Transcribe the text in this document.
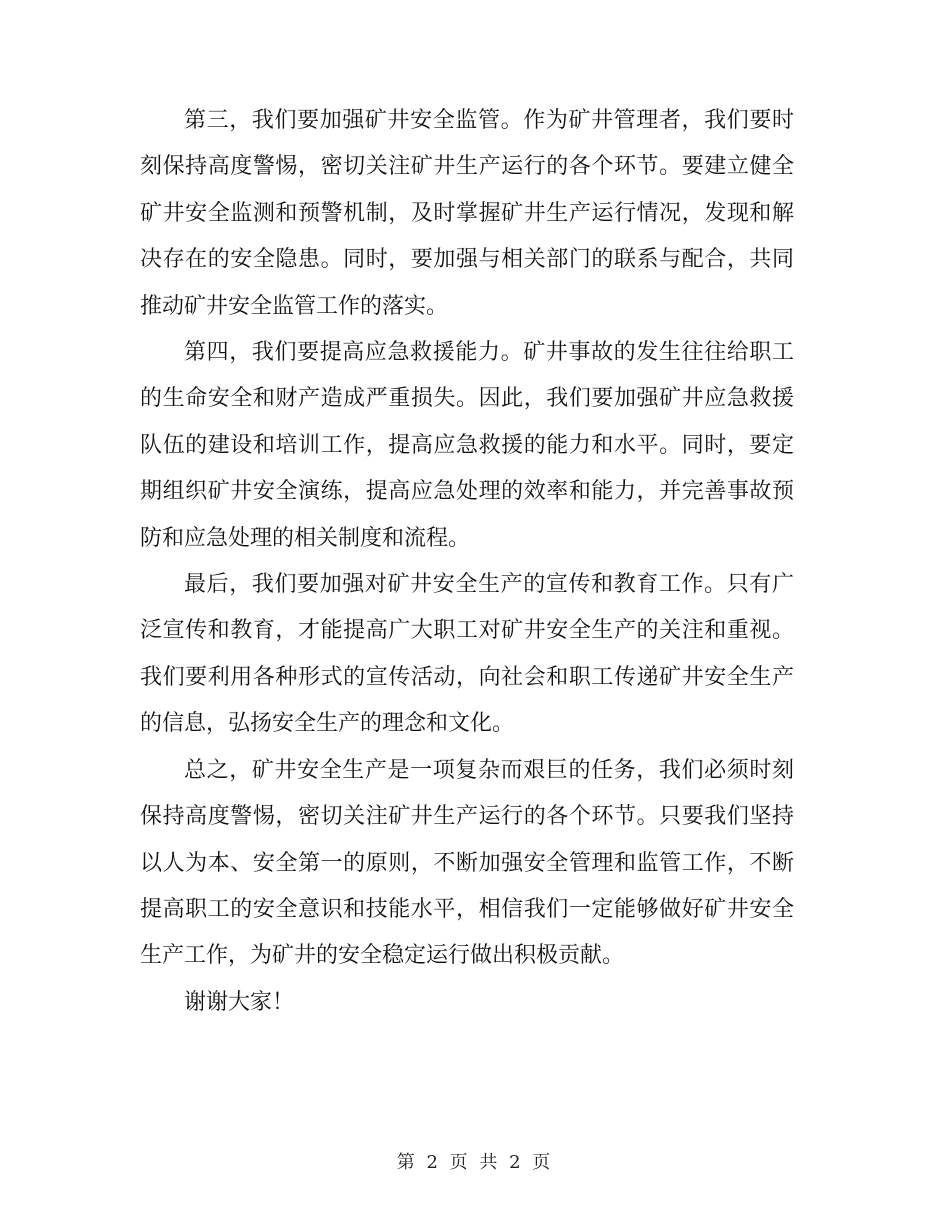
第三，我们要加强矿井安全监管。作为矿井管理者，我们要时刻保持高度警惕，密切关注矿井生产运行的各个环节。要建立健全矿井安全监测和预警机制，及时掌握矿井生产运行情况，发现和解决存在的安全隐患。同时，要加强与相关部门的联系与配合，共同推动矿井安全监管工作的落实。

第四，我们要提高应急救援能力。矿井事故的发生往往给职工的生命安全和财产造成严重损失。因此，我们要加强矿井应急救援队伍的建设和培训工作，提高应急救援的能力和水平。同时，要定期组织矿井安全演练，提高应急处理的效率和能力，并完善事故预防和应急处理的相关制度和流程。

最后，我们要加强对矿井安全生产的宣传和教育工作。只有广泛宣传和教育，才能提高广大职工对矿井安全生产的关注和重视。我们要利用各种形式的宣传活动，向社会和职工传递矿井安全生产的信息，弘扬安全生产的理念和文化。

总之，矿井安全生产是一项复杂而艰巨的任务，我们必须时刻保持高度警惕，密切关注矿井生产运行的各个环节。只要我们坚持以人为本、安全第一的原则，不断加强安全管理和监管工作，不断提高职工的安全意识和技能水平，相信我们一定能够做好矿井安全生产工作，为矿井的安全稳定运行做出积极贡献。

谢谢大家！

第 2 页 共 2 页
